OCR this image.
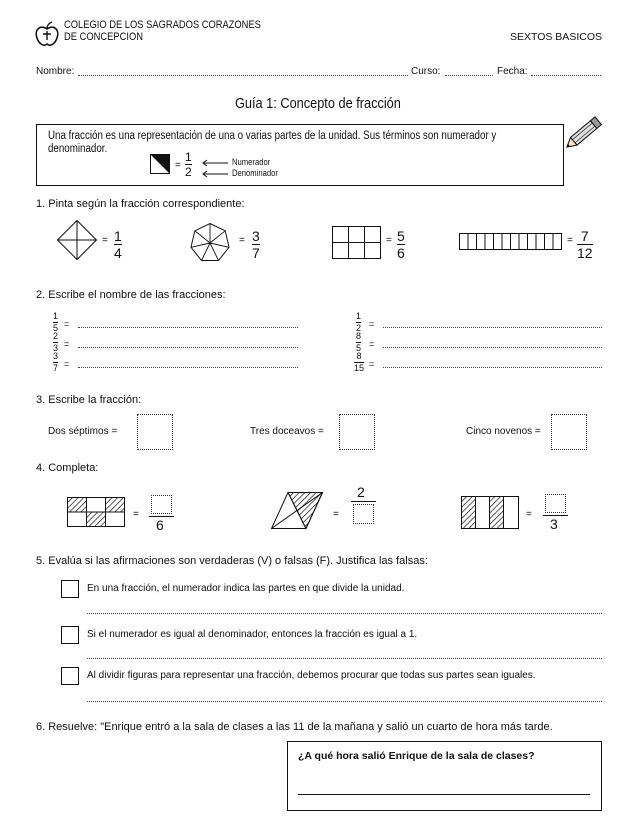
COLEGIO DE LOS SAGRADOS CORAZONES
DE CONCEPCION	SEXTOS BASICOS
Nombre:	Curso:	Fecha:
Guía 1: Concepto de fracción
Una fracción es una representación de una o varias partes de la unidad. Sus términos son numerador y denominador.
=
1
2
Numerador
Denominador
1. Pinta según la fracción correspondiente:
= 1
4
= 3
7
= 5
6
= 7
12
2. Escribe el nombre de las fracciones:
1
5 =
2
3 =
3
7 =
1
2 =
8
5 =
8
15 =
3. Escribe la fracción:
Dos séptimos =	Tres doceavos =	Cinco novenos =
4. Completa:
=
6
=
2
=
3
5. Evalúa si las afirmaciones son verdaderas (V) o falsas (F). Justifica las falsas:
En una fracción, el numerador indica las partes en que divide la unidad.
Si el numerador es igual al denominador, entonces la fracción es igual a 1.
Al dividir figuras para representar una fracción, debemos procurar que todas sus partes sean iguales.
6. Resuelve: "Enrique entró a la sala de clases a las 11 de la mañana y salió un cuarto de hora más tarde.
¿A qué hora salió Enrique de la sala de clases?
